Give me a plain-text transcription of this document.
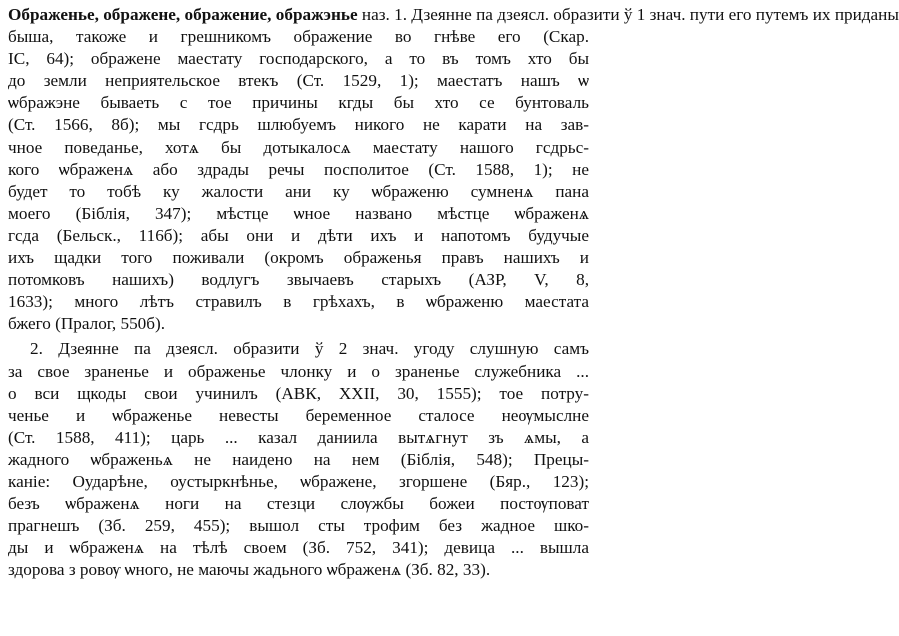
Ображенье, ображене, ображение, ображэнье наз. 1. Дзеянне па дзеясл. образити ў 1 знач. пути его путемъ их приданы
быша, такоже и грешникомъ ображение во гнѣве его (Скар.
IC, 64); ображене маестату господарского, а то въ томъ хто бы
до земли неприятельское втекъ (Ст. 1529, 1); маестатъ нашъ ѡ
ѡбражэне бываеть с тое причины кгды бы хто се бунтоваль
(Ст. 1566, 8б); мы гсдрь шлюбуемъ никого не карати на зав-
чное поведанье, хотѧ бы дотыкалосѧ маестату нашого гсдрьс-
кого ѡбраженѧ або здрады речы посполитое (Ст. 1588, 1); не
будет то тобѣ ку жалости ани ку ѡбраженю сумненѧ пана
моего (Біблія, 347); мѣстце ѡное названо мѣстце ѡбраженѧ
гсда (Бельск., 116б); абы они и дѣти ихъ и напотомъ будучые
ихъ щадки того поживали (окромъ ображенья правъ нашихъ и
потомковъ нашихъ) водлугъ звычаевъ старыхъ (АЗР, V, 8,
1633); много лѣтъ стравилъ в грѣхахъ, в ѡбраженю маестата
бжего (Пралог, 550б).
2. Дзеянне па дзеясл. образити ў 2 знач. угоду слушную самъ
за свое зраненье и ображенье члонку и о зраненье служебника ...
о вси щкоды свои учинилъ (АВК, XXII, 30, 1555); тое потру-
ченье и ѡбраженье невесты беременное сталосе неѹмыслне
(Ст. 1588, 411); царь ... казал даниила вытѧгнут зъ ѧмы, а
жадного ѡбраженьѧ не наидено на нем (Біблія, 548); Прецы-
каніе: Оударѣне, оустыркнѣнье, ѡбражене, згоршене (Бяр., 123);
безъ ѡбраженѧ ноги на стезци слѹжбы божеи постѹповат
прагнешъ (Зб. 259, 455); вышол сты трофим без жадное шко-
ды и ѡбраженѧ на тѣлѣ своем (Зб. 752, 341); девица ... вышла
здорова з ровѹ ѡного, не маючы жадьного ѡбраженѧ (Зб. 82, 33).
